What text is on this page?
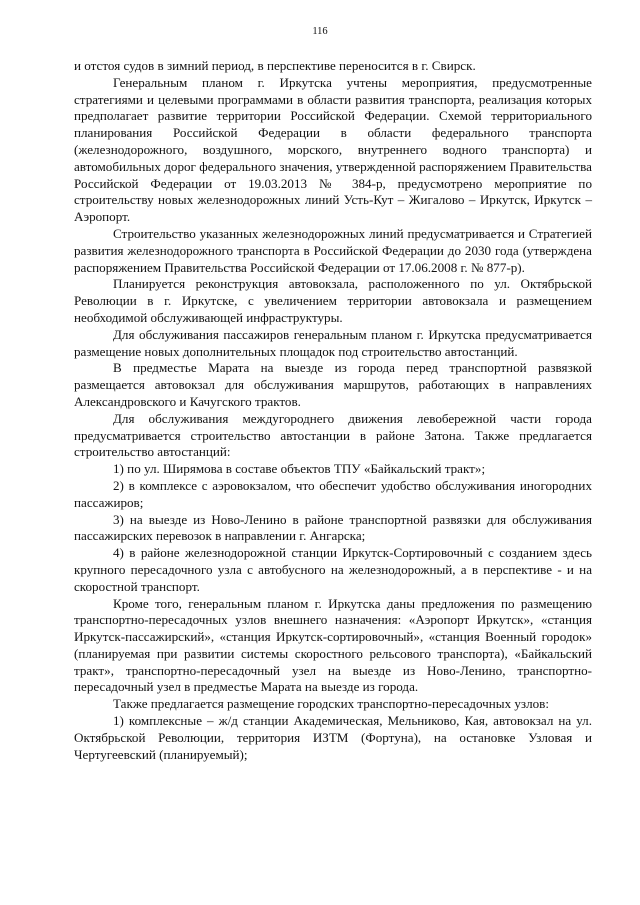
116

и отстоя судов в зимний период, в перспективе переносится в г. Свирск.

Генеральным планом г. Иркутска учтены мероприятия, предусмотренные стратегиями и целевыми программами в области развития транспорта, реализация которых предполагает развитие территории Российской Федерации. Схемой территориального планирования Российской Федерации в области федерального транспорта (железнодорожного, воздушного, морского, внутреннего водного транспорта) и автомобильных дорог федерального значения, утвержденной распоряжением Правительства Российской Федерации от 19.03.2013 № 384-р, предусмотрено мероприятие по строительству новых железнодорожных линий Усть-Кут – Жигалово – Иркутск, Иркутск – Аэропорт.

Строительство указанных железнодорожных линий предусматривается и Стратегией развития железнодорожного транспорта в Российской Федерации до 2030 года (утверждена распоряжением Правительства Российской Федерации от 17.06.2008 г. № 877-р).

Планируется реконструкция автовокзала, расположенного по ул. Октябрьской Революции в г. Иркутске, с увеличением территории автовокзала и размещением необходимой обслуживающей инфраструктуры.

Для обслуживания пассажиров генеральным планом г. Иркутска предусматривается размещение новых дополнительных площадок под строительство автостанций.

В предместье Марата на выезде из города перед транспортной развязкой размещается автовокзал для обслуживания маршрутов, работающих в направлениях Александровского и Качугского трактов.

Для обслуживания междугороднего движения левобережной части города предусматривается строительство автостанции в районе Затона. Также предлагается строительство автостанций:

1) по ул. Ширямова в составе объектов ТПУ «Байкальский тракт»;

2) в комплексе с аэровокзалом, что обеспечит удобство обслуживания иногородних пассажиров;

3) на выезде из Ново-Ленино в районе транспортной развязки для обслуживания пассажирских перевозок в направлении г. Ангарска;

4) в районе железнодорожной станции Иркутск-Сортировочный с созданием здесь крупного пересадочного узла с автобусного на железнодорожный, а в перспективе - и на скоростной транспорт.

Кроме того, генеральным планом г. Иркутска даны предложения по размещению транспортно-пересадочных узлов внешнего назначения: «Аэропорт Иркутск», «станция Иркутск-пассажирский», «станция Иркутск-сортировочный», «станция Военный городок» (планируемая при развитии системы скоростного рельсового транспорта), «Байкальский тракт», транспортно-пересадочный узел на выезде из Ново-Ленино, транспортно-пересадочный узел в предместье Марата на выезде из города.

Также предлагается размещение городских транспортно-пересадочных узлов:

1) комплексные – ж/д станции Академическая, Мельниково, Кая, автовокзал на ул. Октябрьской Революции, территория ИЗТМ (Фортуна), на остановке Узловая и Чертугеевский (планируемый);
